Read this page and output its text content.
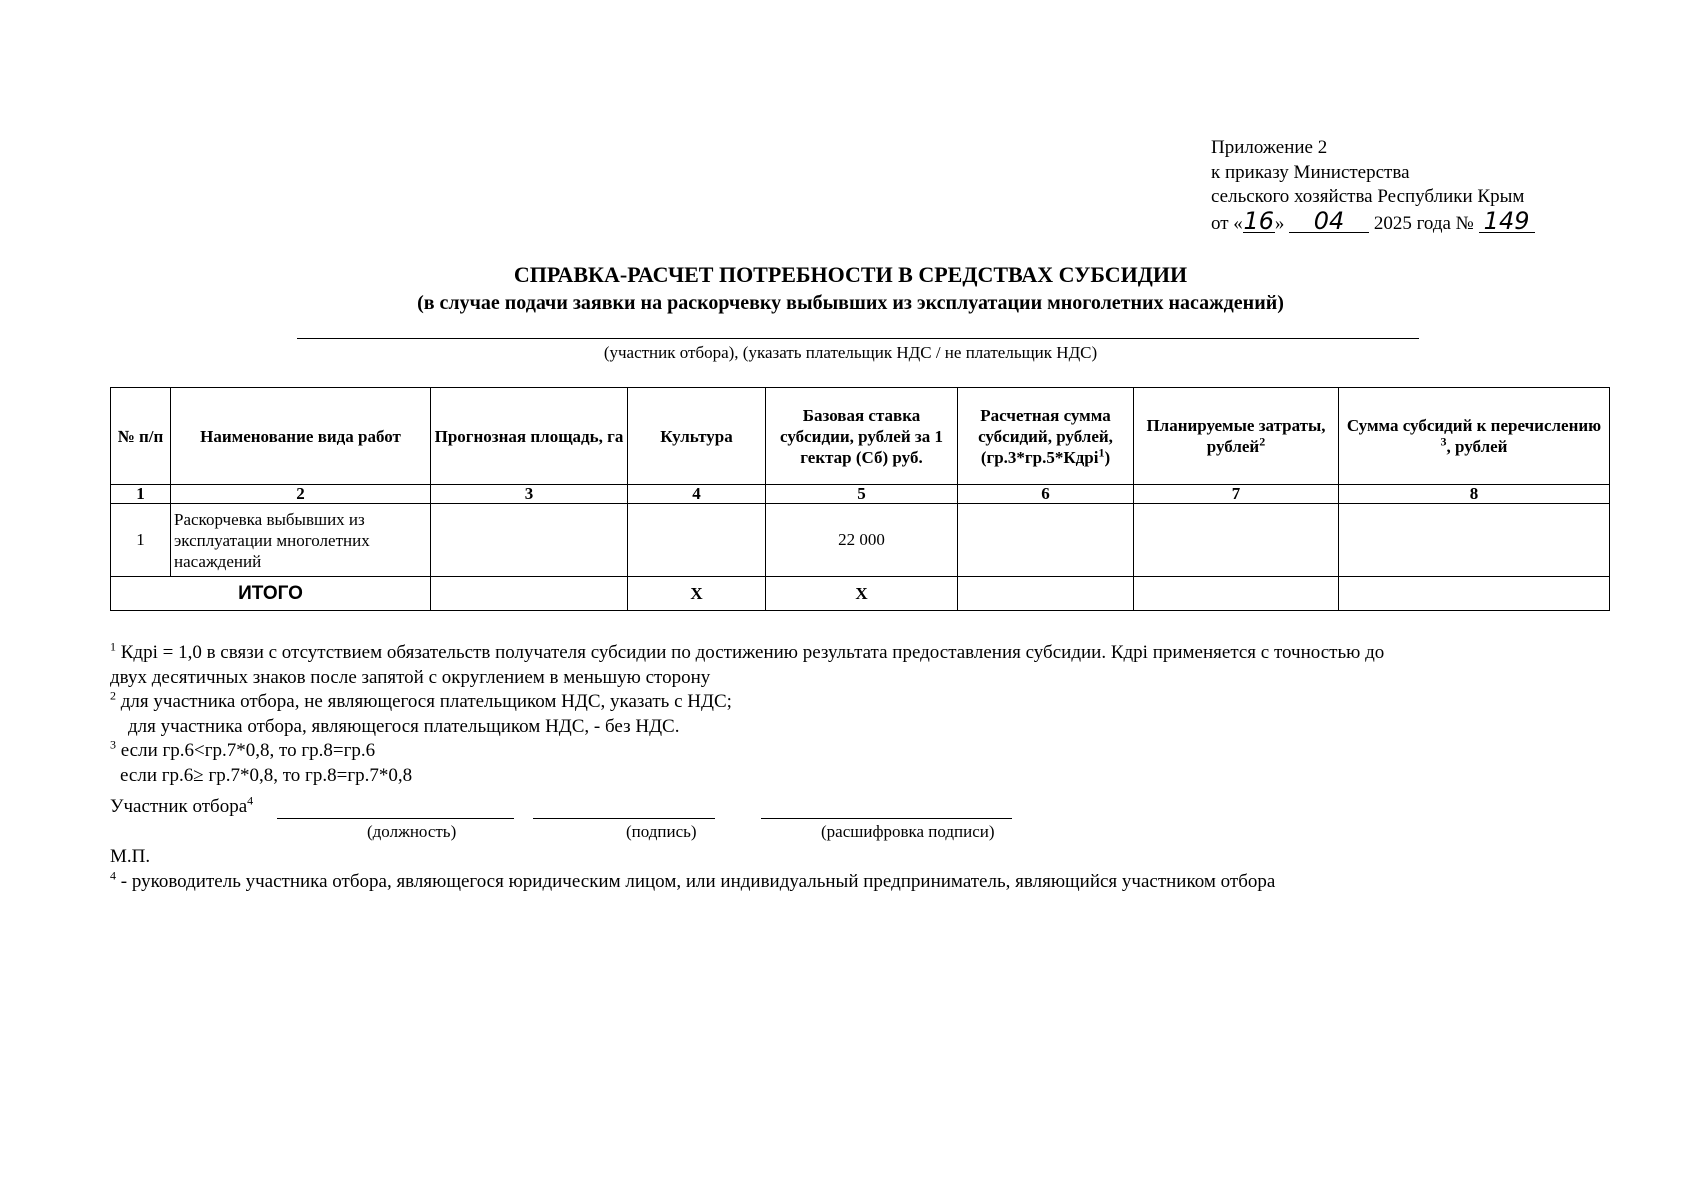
Приложение 2
к приказу Министерства
сельского хозяйства Республики Крым
от «16» 04 2025 года № 149
СПРАВКА-РАСЧЕТ ПОТРЕБНОСТИ В СРЕДСТВАХ СУБСИДИИ
(в случае подачи заявки на раскорчевку выбывших из эксплуатации многолетних насаждений)
(участник отбора), (указать плательщик НДС / не плательщик НДС)
№ п/п	Наименование вида работ	Прогнозная площадь, га	Культура	Базовая ставка субсидии, рублей за 1 гектар (Сб) руб.	Расчетная сумма субсидий, рублей, (гр.3*гр.5*Кдрi$^1$)	Планируемые затраты, рублей$^2$	Сумма субсидий к перечислению $^3$, рублей
1	2	3	4	5	6	7	8
1	Раскорчевка выбывших из эксплуатации многолетних насаждений			22 000			
ИТОГО			Х	Х			
$^1$ Кдрi = 1,0 в связи с отсутствием обязательств получателя субсидии по достижению результата предоставления субсидии. Кдрi применяется с точностью до
двух десятичных знаков после запятой с округлением в меньшую сторону
$^2$ для участника отбора, не являющегося плательщиком НДС, указать с НДС;
для участника отбора, являющегося плательщиком НДС, - без НДС.
$^3$ если гр.6<гр.7*0,8, то гр.8=гр.6
если гр.6≥ гр.7*0,8, то гр.8=гр.7*0,8
Участник отбора$^4$
(должность)	(подпись)	(расшифровка подписи)
М.П.
$^4$ - руководитель участника отбора, являющегося юридическим лицом, или индивидуальный предприниматель, являющийся участником отбора
